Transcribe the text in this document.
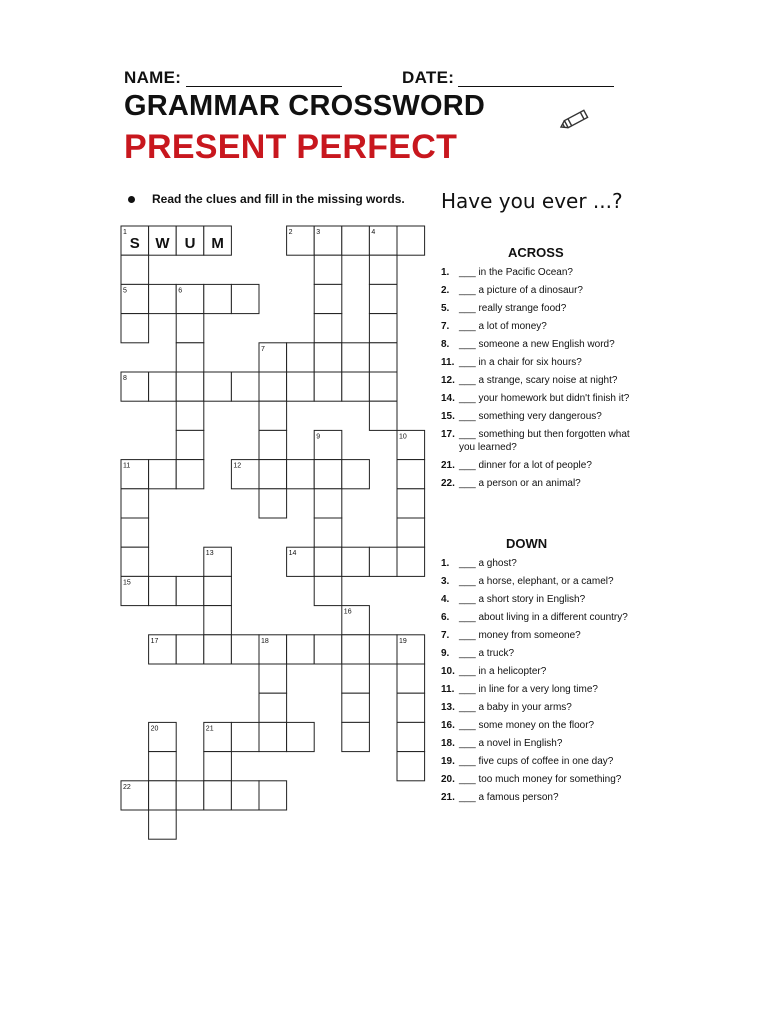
NAME:	DATE:
GRAMMAR CROSSWORD
PRESENT PERFECT
Read the clues and fill in the missing words. Have you ever ...?
1
S W U M
2	3	4
5	6
7
8
9	10
11	12
13	14
15
16
17	18	19
20	21
22
ACROSS
1. ___ in the Pacific Ocean?
2. ___ a picture of a dinosaur?
5. ___ really strange food?
7. ___ a lot of money?
8. ___ someone a new English word?
11. ___ in a chair for six hours?
12. ___ a strange, scary noise at night?
14. ___ your homework but didn't finish it?
15. ___ something very dangerous?
17. ___ something but then forgotten what you learned?
21. ___ dinner for a lot of people?
22. ___ a person or an animal?
DOWN
1. ___ a ghost?
3. ___ a horse, elephant, or a camel?
4. ___ a short story in English?
6. ___ about living in a different country?
7. ___ money from someone?
9. ___ a truck?
10. ___ in a helicopter?
11. ___ in line for a very long time?
13. ___ a baby in your arms?
16. ___ some money on the floor?
18. ___ a novel in English?
19. ___ five cups of coffee in one day?
20. ___ too much money for something?
21. ___ a famous person?
